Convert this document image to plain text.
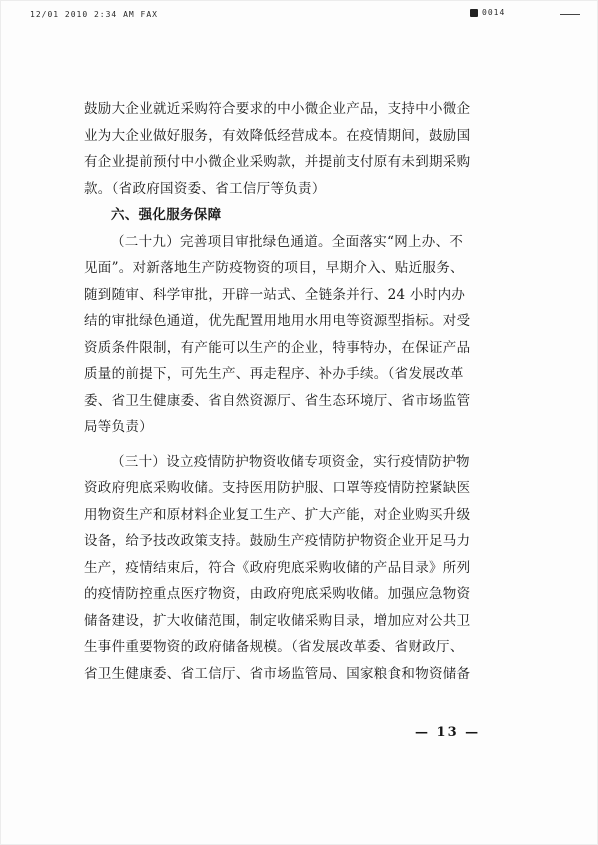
12/01 2010 2:34 AM FAX	0014
鼓励大企业就近采购符合要求的中小微企业产品，支持中小微企
业为大企业做好服务，有效降低经营成本。在疫情期间，鼓励国
有企业提前预付中小微企业采购款，并提前支付原有未到期采购
款。（省政府国资委、省工信厅等负责）
六、强化服务保障
（二十九）完善项目审批绿色通道。全面落实“网上办、不
见面”。对新落地生产防疫物资的项目，早期介入、贴近服务、
随到随审、科学审批，开辟一站式、全链条并行、24 小时内办
结的审批绿色通道，优先配置用地用水用电等资源型指标。对受
资质条件限制，有产能可以生产的企业，特事特办，在保证产品
质量的前提下，可先生产、再走程序、补办手续。（省发展改革
委、省卫生健康委、省自然资源厅、省生态环境厅、省市场监管
局等负责）
（三十）设立疫情防护物资收储专项资金，实行疫情防护物
资政府兜底采购收储。支持医用防护服、口罩等疫情防控紧缺医
用物资生产和原材料企业复工生产、扩大产能，对企业购买升级
设备，给予技改政策支持。鼓励生产疫情防护物资企业开足马力
生产，疫情结束后，符合《政府兜底采购收储的产品目录》所列
的疫情防控重点医疗物资，由政府兜底采购收储。加强应急物资
储备建设，扩大收储范围，制定收储采购目录，增加应对公共卫
生事件重要物资的政府储备规模。（省发展改革委、省财政厅、
省卫生健康委、省工信厅、省市场监管局、国家粮食和物资储备
— 13 —
